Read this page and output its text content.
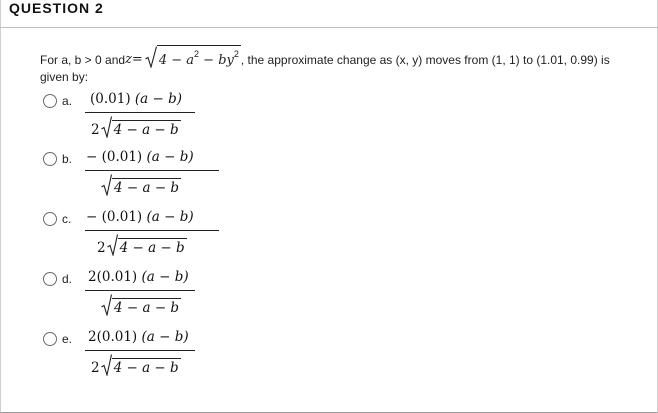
QUESTION 2
For a, b > 0 and $z = 4 - a^2 - by^2$ , the approximate change as (x, y) moves from (1, 1) to (1.01, 0.99) is
given by:
a. (0.01) (a − b)
2 4 − a − b
b. − (0.01) (a − b)
4 − a − b
c. − (0.01) (a − b)
2 4 − a − b
d. 2(0.01) (a − b)
4 − a − b
e. 2(0.01) (a − b)
2 4 − a − b
